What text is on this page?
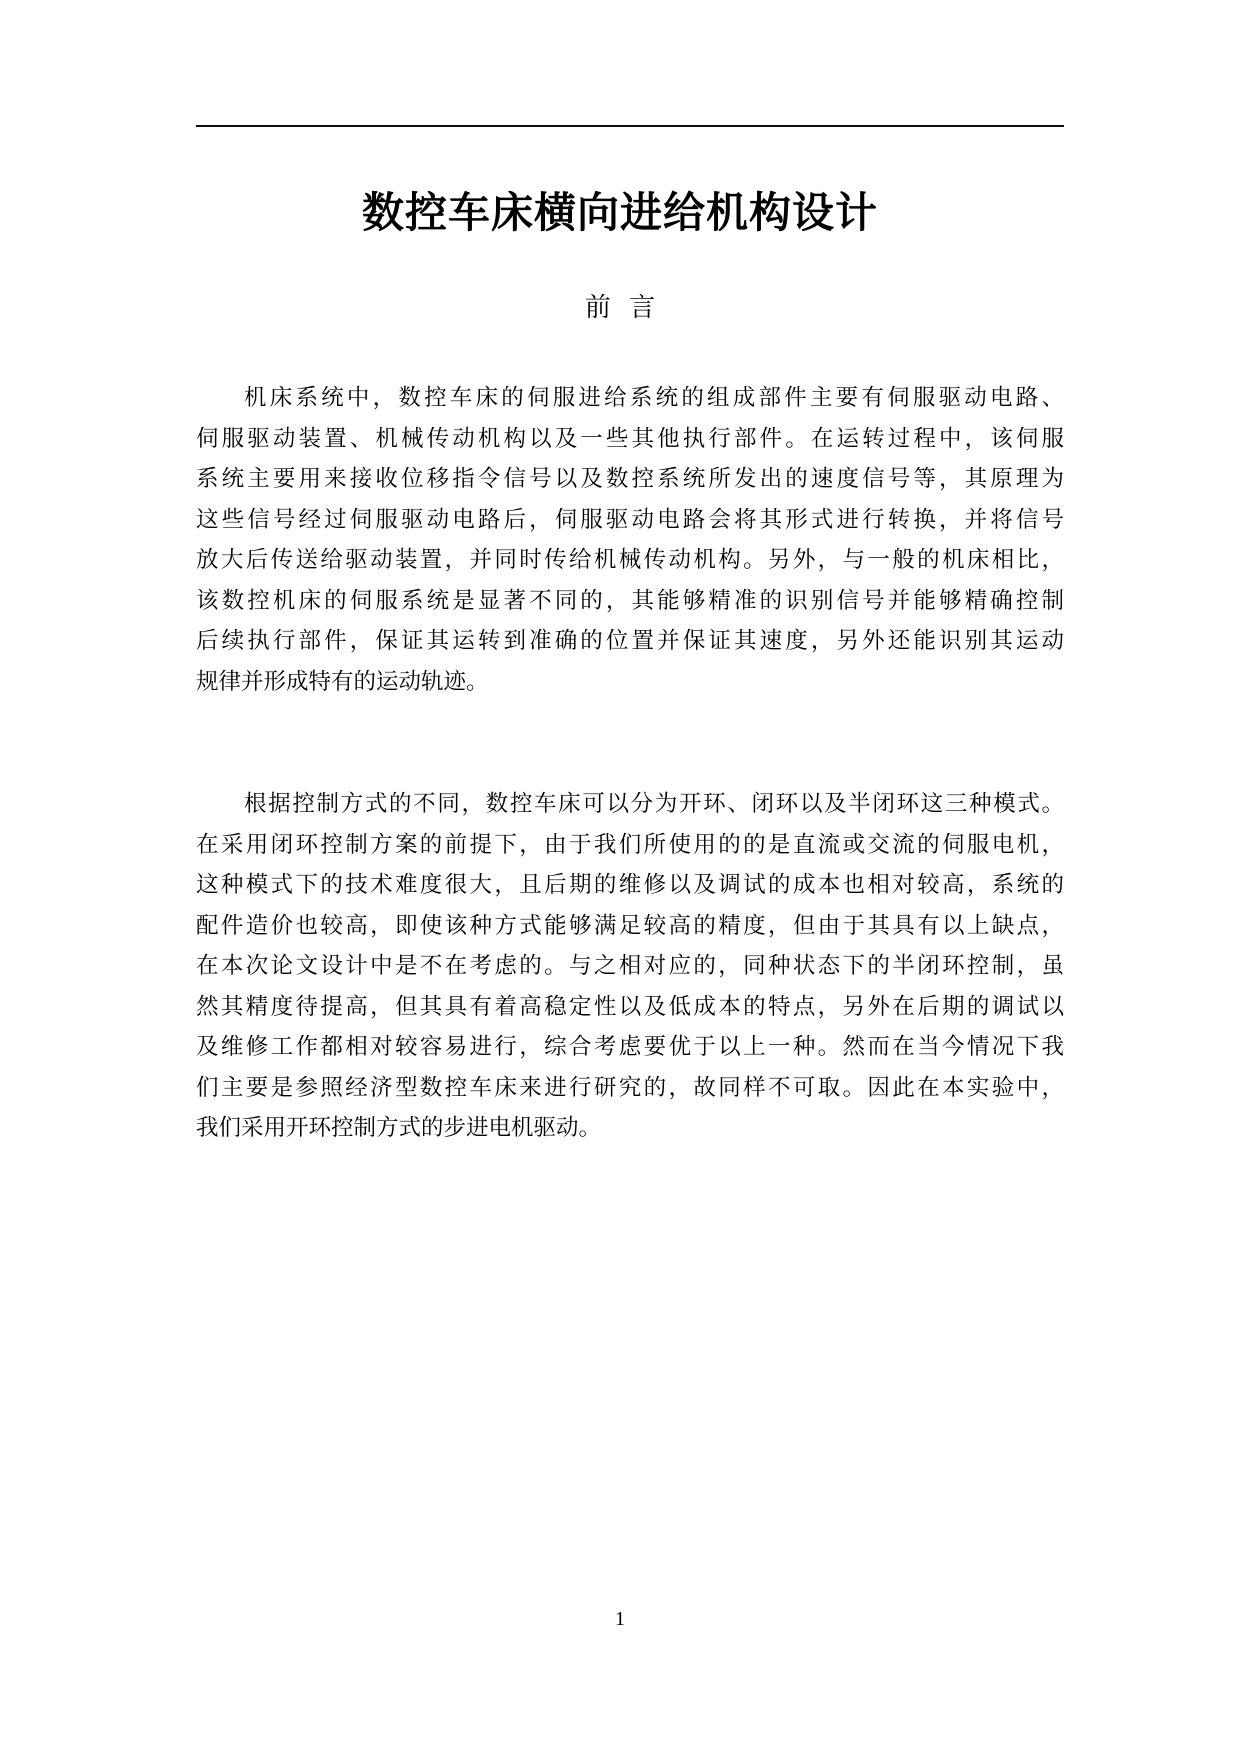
数控车床横向进给机构设计
前 言
机床系统中，数控车床的伺服进给系统的组成部件主要有伺服驱动电路、
伺服驱动装置、机械传动机构以及一些其他执行部件。在运转过程中，该伺服
系统主要用来接收位移指令信号以及数控系统所发出的速度信号等，其原理为
这些信号经过伺服驱动电路后，伺服驱动电路会将其形式进行转换，并将信号
放大后传送给驱动装置，并同时传给机械传动机构。另外，与一般的机床相比，
该数控机床的伺服系统是显著不同的，其能够精准的识别信号并能够精确控制
后续执行部件，保证其运转到准确的位置并保证其速度，另外还能识别其运动
规律并形成特有的运动轨迹。
根据控制方式的不同，数控车床可以分为开环、闭环以及半闭环这三种模式。
在采用闭环控制方案的前提下，由于我们所使用的的是直流或交流的伺服电机，
这种模式下的技术难度很大，且后期的维修以及调试的成本也相对较高，系统的
配件造价也较高，即使该种方式能够满足较高的精度，但由于其具有以上缺点，
在本次论文设计中是不在考虑的。与之相对应的，同种状态下的半闭环控制，虽
然其精度待提高，但其具有着高稳定性以及低成本的特点，另外在后期的调试以
及维修工作都相对较容易进行，综合考虑要优于以上一种。然而在当今情况下我
们主要是参照经济型数控车床来进行研究的，故同样不可取。因此在本实验中，
我们采用开环控制方式的步进电机驱动。
1
